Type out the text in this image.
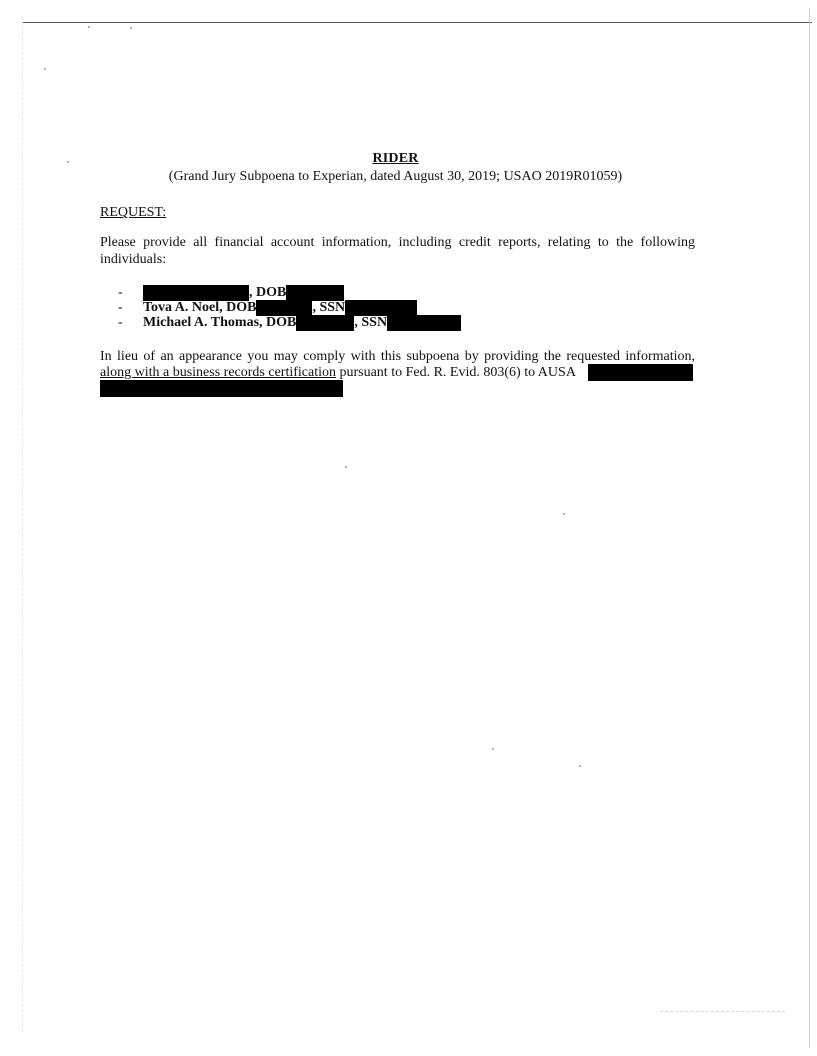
RIDER
(Grand Jury Subpoena to Experian, dated August 30, 2019; USAO 2019R01059)
REQUEST:
Please provide all financial account information, including credit reports, relating to the following individuals:
-	, DOB
- Tova A. Noel, DOB	, SSN
- Michael A. Thomas, DOB	, SSN
In lieu of an appearance you may comply with this subpoena by providing the requested information,
along with a business records certification pursuant to Fed. R. Evid. 803(6) to AUSA
